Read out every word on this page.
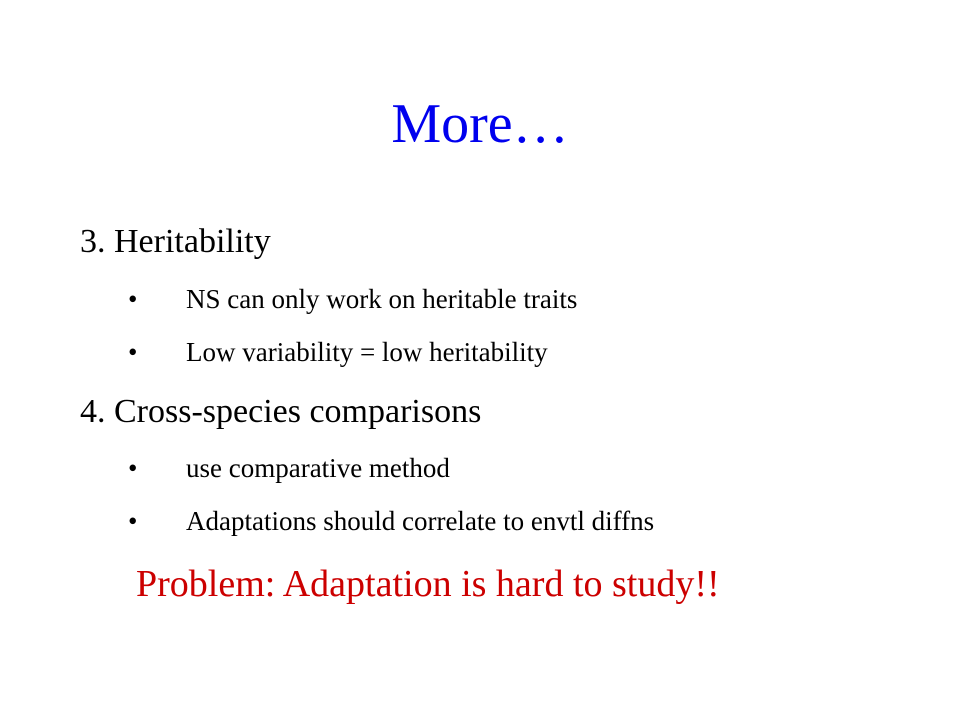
More…
3. Heritability
• NS can only work on heritable traits
• Low variability = low heritability
4. Cross-species comparisons
• use comparative method
• Adaptations should correlate to envtl diffns
Problem: Adaptation is hard to study!!
